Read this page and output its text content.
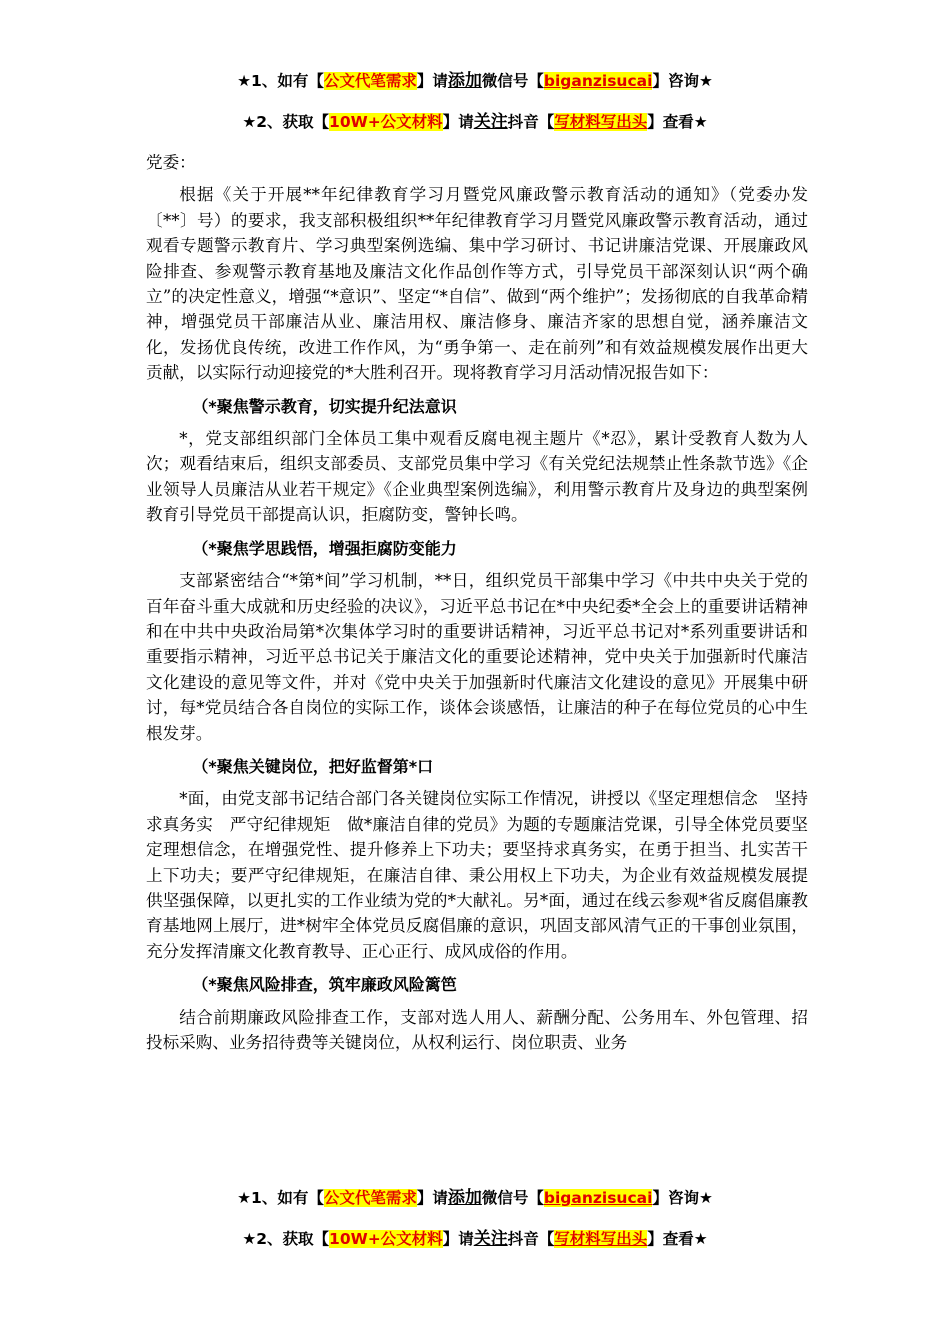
★1、如有【公文代笔需求】请添加微信号【biganzisucai】咨询★
★2、获取【10W+公文材料】请关注抖音【写材料写出头】查看★

党委：

根据《关于开展**年纪律教育学习月暨党风廉政警示教育活动的通知》（党委办发〔**〕号）的要求，我支部积极组织**年纪律教育学习月暨党风廉政警示教育活动，通过观看专题警示教育片、学习典型案例选编、集中学习研讨、书记讲廉洁党课、开展廉政风险排查、参观警示教育基地及廉洁文化作品创作等方式，引导党员干部深刻认识“两个确立”的决定性意义，增强“*意识”、坚定“*自信”、做到“两个维护”；发扬彻底的自我革命精神，增强党员干部廉洁从业、廉洁用权、廉洁修身、廉洁齐家的思想自觉，涵养廉洁文化，发扬优良传统，改进工作作风，为“勇争第一、走在前列”和有效益规模发展作出更大贡献，以实际行动迎接党的*大胜利召开。现将教育学习月活动情况报告如下：

（*聚焦警示教育，切实提升纪法意识

*，党支部组织部门全体员工集中观看反腐电视主题片《*忍》，累计受教育人数为人次；观看结束后，组织支部委员、支部党员集中学习《有关党纪法规禁止性条款节选》《企业领导人员廉洁从业若干规定》《企业典型案例选编》，利用警示教育片及身边的典型案例教育引导党员干部提高认识，拒腐防变，警钟长鸣。

（*聚焦学思践悟，增强拒腐防变能力

支部紧密结合“*第*间”学习机制，**日，组织党员干部集中学习《中共中央关于党的百年奋斗重大成就和历史经验的决议》，习近平总书记在*中央纪委*全会上的重要讲话精神和在中共中央政治局第*次集体学习时的重要讲话精神，习近平总书记对*系列重要讲话和重要指示精神，习近平总书记关于廉洁文化的重要论述精神，党中央关于加强新时代廉洁文化建设的意见等文件，并对《党中央关于加强新时代廉洁文化建设的意见》开展集中研讨，每*党员结合各自岗位的实际工作，谈体会谈感悟，让廉洁的种子在每位党员的心中生根发芽。

（*聚焦关键岗位，把好监督第*口

*面，由党支部书记结合部门各关键岗位实际工作情况，讲授以《坚定理想信念　坚持求真务实　严守纪律规矩　做*廉洁自律的党员》为题的专题廉洁党课，引导全体党员要坚定理想信念，在增强党性、提升修养上下功夫；要坚持求真务实，在勇于担当、扎实苦干上下功夫；要严守纪律规矩，在廉洁自律、秉公用权上下功夫，为企业有效益规模发展提供坚强保障，以更扎实的工作业绩为党的*大献礼。另*面，通过在线云参观*省反腐倡廉教育基地网上展厅，进*树牢全体党员反腐倡廉的意识，巩固支部风清气正的干事创业氛围，充分发挥清廉文化教育教导、正心正行、成风成俗的作用。

（*聚焦风险排查，筑牢廉政风险篱笆

结合前期廉政风险排查工作，支部对选人用人、薪酬分配、公务用车、外包管理、招投标采购、业务招待费等关键岗位，从权利运行、岗位职责、业务

★1、如有【公文代笔需求】请添加微信号【biganzisucai】咨询★
★2、获取【10W+公文材料】请关注抖音【写材料写出头】查看★
